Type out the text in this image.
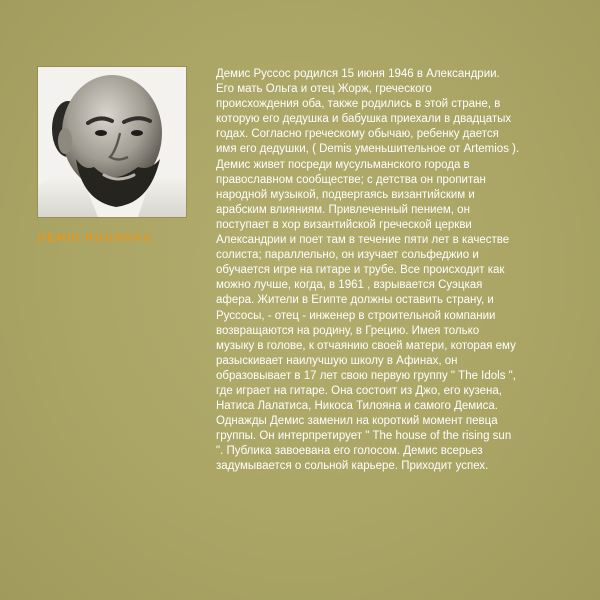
DEMIS ROUSSOS
Демис Руссос родился 15 июня 1946 в Александрии.
Его мать Ольга и отец Жорж, греческого
происхождения оба, также родились в этой стране, в
которую его дедушка и бабушка приехали в двадцатых
годах. Согласно греческому обычаю, ребенку дается
имя его дедушки, ( Demis уменьшительное от Artemios ).
Демис живет посреди мусульманского города в
православном сообществе; с детства он пропитан
народной музыкой, подвергаясь византийским и
арабским влияниям. Привлеченный пением, он
поступает в хор византийской греческой церкви
Александрии и поет там в течение пяти лет в качестве
солиста; параллельно, он изучает сольфеджио и
обучается игре на гитаре и трубе. Все происходит как
можно лучше, когда, в 1961 , взрывается Суэцкая
афера. Жители в Египте должны оставить страну, и
Руссосы, - отец - инженер в строительной компании
возвращаются на родину, в Грецию. Имея только
музыку в голове, к отчаянию своей матери, которая ему
разыскивает наилучшую школу в Афинах, он
образовывает в 17 лет свою первую группу " The Idols ",
где играет на гитаре. Она состоит из Джо, его кузена,
Натиса Лалатиса, Никоса Тилояна и самого Демиса.
Однажды Демис заменил на короткий момент певца
группы. Он интерпретирует " The house of the rising sun
". Публика завоевана его голосом. Демис всерьез
задумывается о сольной карьере. Приходит успех.
